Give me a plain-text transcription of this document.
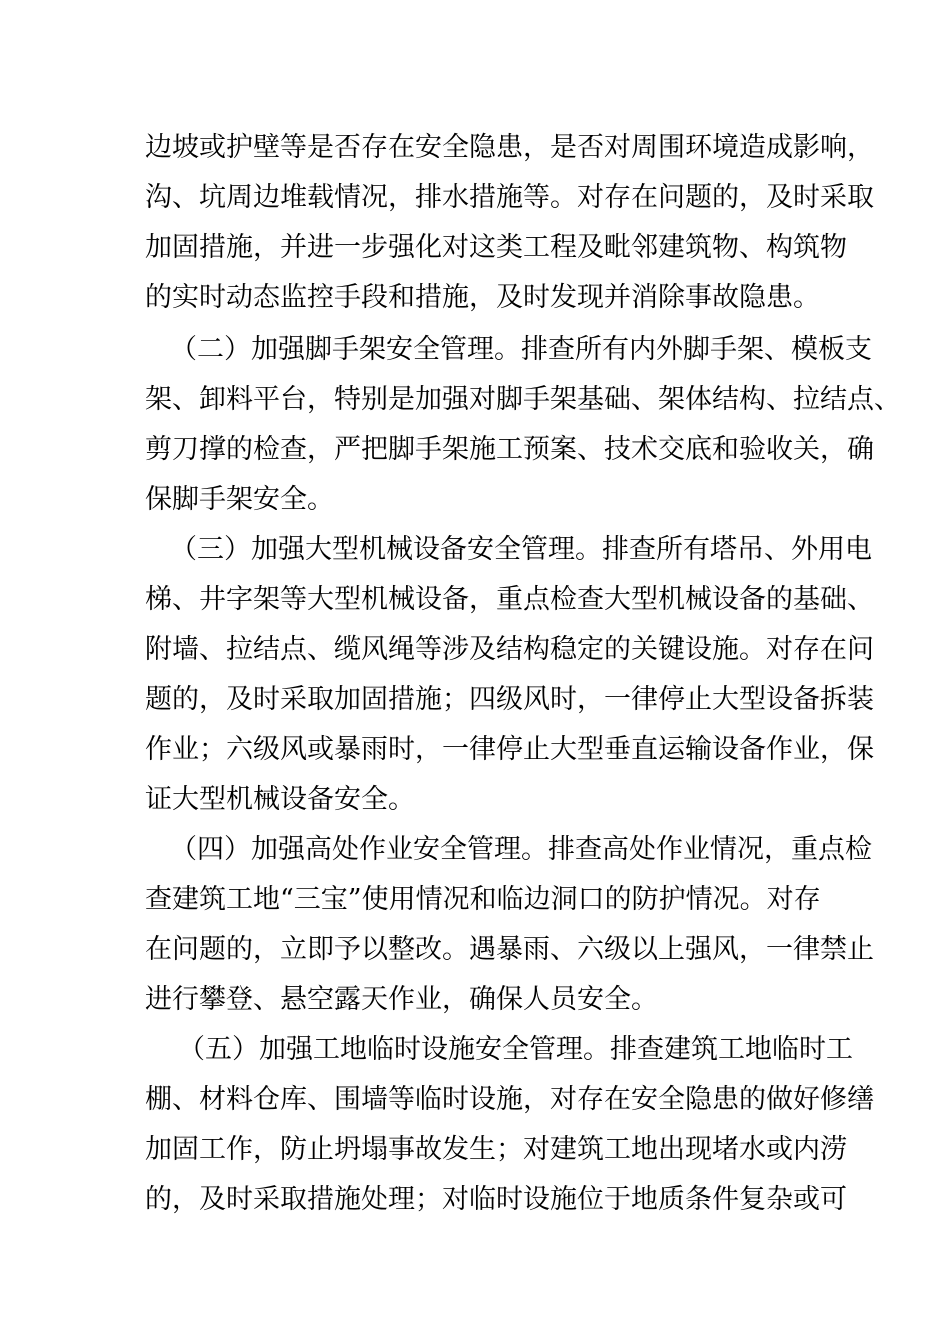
边坡或护壁等是否存在安全隐患，是否对周围环境造成影响，
沟、坑周边堆载情况，排水措施等。对存在问题的，及时采取
加固措施，并进一步强化对这类工程及毗邻建筑物、构筑物
的实时动态监控手段和措施，及时发现并消除事故隐患。
（二）加强脚手架安全管理。排查所有内外脚手架、模板支
架、卸料平台，特别是加强对脚手架基础、架体结构、拉结点、
剪刀撑的检查，严把脚手架施工预案、技术交底和验收关，确
保脚手架安全。
（三）加强大型机械设备安全管理。排查所有塔吊、外用电
梯、井字架等大型机械设备，重点检查大型机械设备的基础、
附墙、拉结点、缆风绳等涉及结构稳定的关键设施。对存在问
题的，及时采取加固措施；四级风时，一律停止大型设备拆装
作业；六级风或暴雨时，一律停止大型垂直运输设备作业，保
证大型机械设备安全。
（四）加强高处作业安全管理。排查高处作业情况，重点检
查建筑工地“三宝”使用情况和临边洞口的防护情况。对存
在问题的，立即予以整改。遇暴雨、六级以上强风，一律禁止
进行攀登、悬空露天作业，确保人员安全。
（五）加强工地临时设施安全管理。排查建筑工地临时工
棚、材料仓库、围墙等临时设施，对存在安全隐患的做好修缮
加固工作，防止坍塌事故发生；对建筑工地出现堵水或内涝
的，及时采取措施处理；对临时设施位于地质条件复杂或可
